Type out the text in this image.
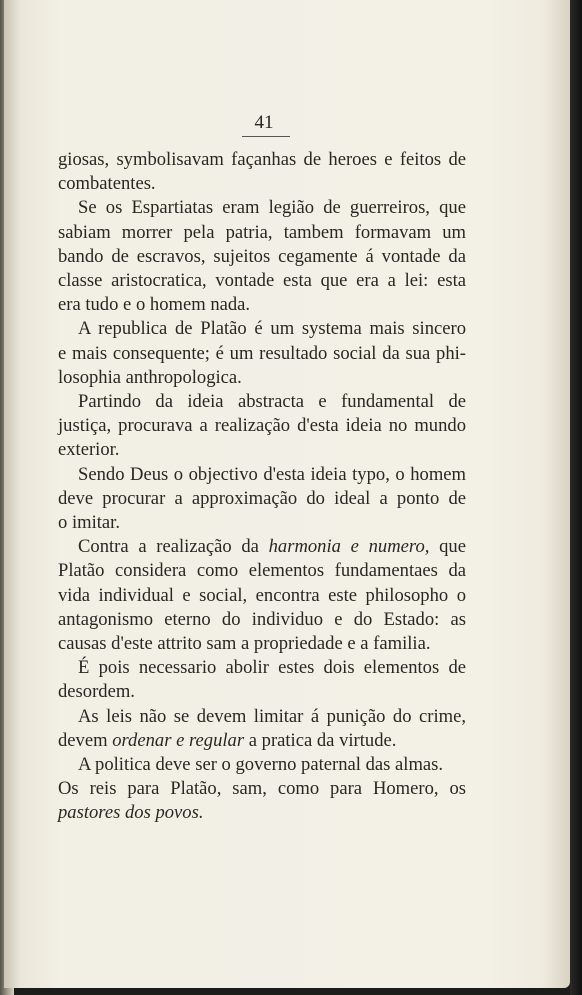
41

giosas, symbolisavam façanhas de heroes e feitos de

combatentes.

Se os Espartiatas eram legião de guerreiros, que

sabiam morrer pela patria, tambem formavam um

bando de escravos, sujeitos cegamente á vontade da

classe aristocratica, vontade esta que era a lei: esta

era tudo e o homem nada.

A republica de Platão é um systema mais sincero

e mais consequente; é um resultado social da sua phi-

losophia anthropologica.

Partindo da ideia abstracta e fundamental de

justiça, procurava a realização d'esta ideia no mundo

exterior.

Sendo Deus o objectivo d'esta ideia typo, o homem

deve procurar a approximação do ideal a ponto de

o imitar.

Contra a realização da harmonia e numero, que

Platão considera como elementos fundamentaes da

vida individual e social, encontra este philosopho o

antagonismo eterno do individuo e do Estado: as

causas d'este attrito sam a propriedade e a familia.

É pois necessario abolir estes dois elementos de

desordem.

As leis não se devem limitar á punição do crime,

devem ordenar e regular a pratica da virtude.

A politica deve ser o governo paternal das almas.

Os reis para Platão, sam, como para Homero, os

pastores dos povos.
